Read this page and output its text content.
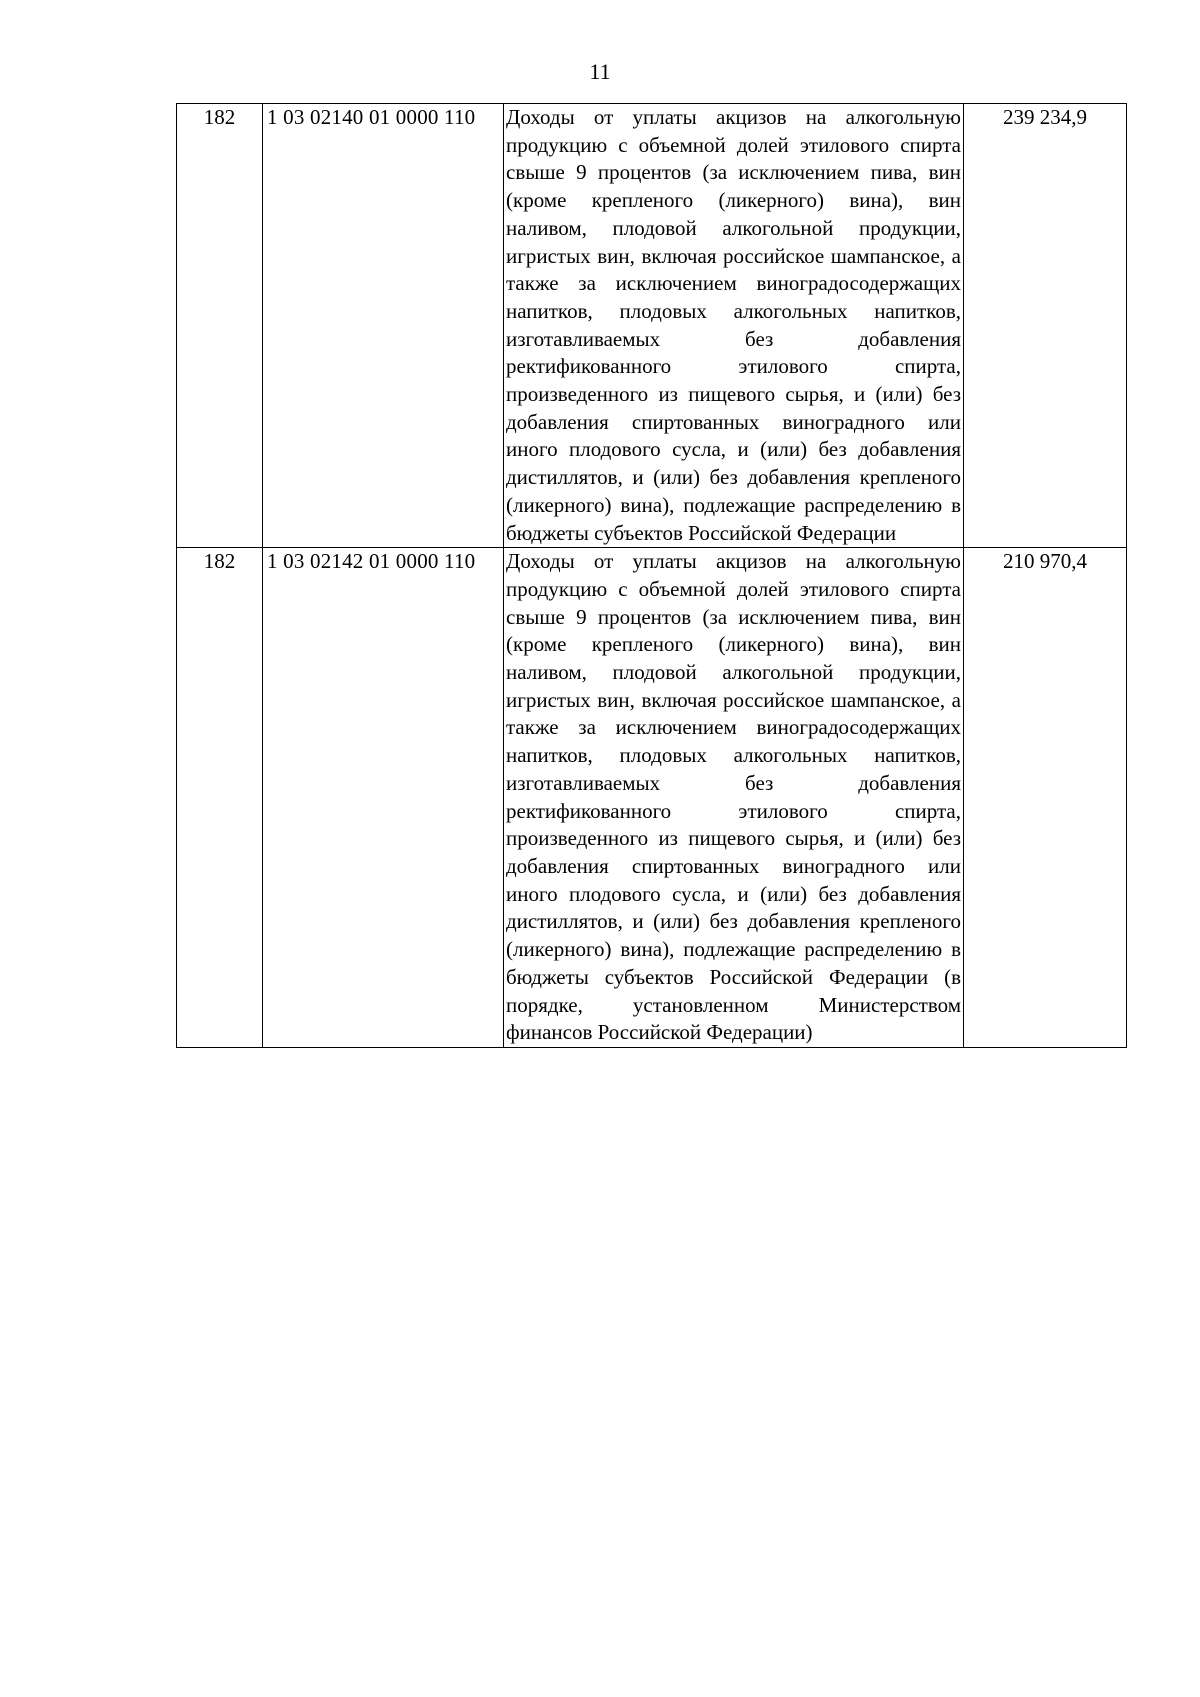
11
182	1 03 02140 01 0000 110	Доходы от уплаты акцизов на алкогольную продукцию с объемной долей этилового спирта свыше 9 процентов (за исключением пива, вин (кроме крепленого (ликерного) вина), вин наливом, плодовой алкогольной продукции, игристых вин, включая российское шампанское, а также за исключением виноградосодержащих напитков, плодовых алкогольных напитков, изготавливаемых без добавления ректификованного этилового спирта, произведенного из пищевого сырья, и (или) без добавления спиртованных виноградного или иного плодового сусла, и (или) без добавления дистиллятов, и (или) без добавления крепленого (ликерного) вина), подлежащие распределению в бюджеты субъектов Российской Федерации	239 234,9
182	1 03 02142 01 0000 110	Доходы от уплаты акцизов на алкогольную продукцию с объемной долей этилового спирта свыше 9 процентов (за исключением пива, вин (кроме крепленого (ликерного) вина), вин наливом, плодовой алкогольной продукции, игристых вин, включая российское шампанское, а также за исключением виноградосодержащих напитков, плодовых алкогольных напитков, изготавливаемых без добавления ректификованного этилового спирта, произведенного из пищевого сырья, и (или) без добавления спиртованных виноградного или иного плодового сусла, и (или) без добавления дистиллятов, и (или) без добавления крепленого (ликерного) вина), подлежащие распределению в бюджеты субъектов Российской Федерации (в порядке, установленном Министерством финансов Российской Федерации)	210 970,4
